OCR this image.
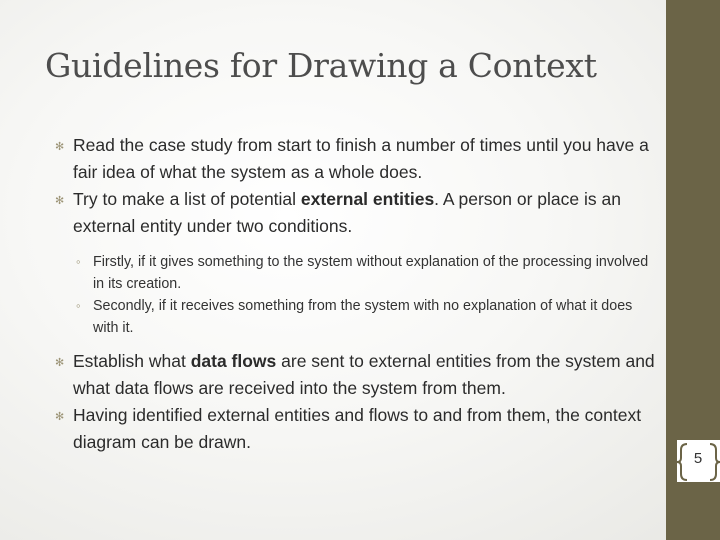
Guidelines for Drawing a Context
✻ Read the case study from start to finish a number of times until you have a fair idea of what the system as a whole does.
✻ Try to make a list of potential external entities. A person or place is an external entity under two conditions.
◦ Firstly, if it gives something to the system without explanation of the processing involved in its creation.
◦ Secondly, if it receives something from the system with no explanation of what it does with it.
✻ Establish what data flows are sent to external entities from the system and what data flows are received into the system from them.
✻ Having identified external entities and flows to and from them, the context diagram can be drawn.
5
